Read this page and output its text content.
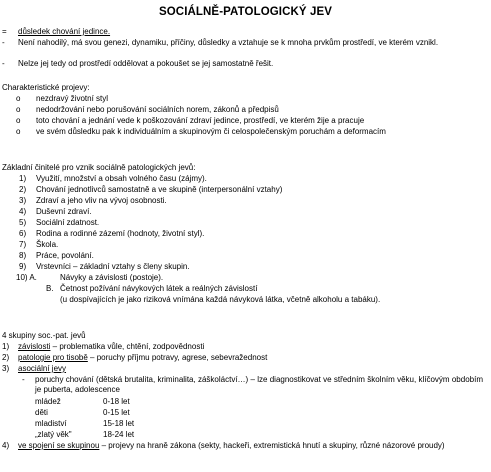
SOCIÁLNĚ-PATOLOGICKÝ JEV
= důsledek chování jedince.
- Není nahodilý, má svou genezi, dynamiku, příčiny, důsledky a vztahuje se k mnoha prvkům prostředí, ve kterém vznikl.
- Nelze jej tedy od prostředí oddělovat a pokoušet se jej samostatně řešit.
Charakteristické projevy:
o nezdravý životní styl
o nedodržování nebo porušování sociálních norem, zákonů a předpisů
o toto chování a jednání vede k poškozování zdraví jedince, prostředí, ve kterém žije a pracuje
o ve svém důsledku pak k individuálním a skupinovým či celospolečenským poruchám a deformacím
Základní činitelé pro vznik sociálně patologických jevů:
1) Využití, množství a obsah volného času (zájmy).
2) Chování jednotlivců samostatně a ve skupině (interpersonální vztahy)
3) Zdraví a jeho vliv na vývoj osobnosti.
4) Duševní zdraví.
5) Sociální zdatnost.
6) Rodina a rodinné zázemí (hodnoty, životní styl).
7) Škola.
8) Práce, povolání.
9) Vrstevníci – základní vztahy s členy skupin.
10) A.	Návyky a závislosti (postoje).
B. Četnost požívání návykových látek a reálných závislostí
(u dospívajících je jako riziková vnímána každá návyková látka, včetně alkoholu a tabáku).
4 skupiny soc.-pat. jevů
1) závislosti – problematika vůle, chtění, zodpovědnosti
2) patologie pro tisobě – poruchy příjmu potravy, agrese, sebevražednost
3) asociální jevy
- poruchy chování (dětská brutalita, kriminalita, záškoláctví…) – lze diagnostikovat ve středním školním věku, klíčovým obdobím je puberta, adolescence
mládež	0-18 let
děti	0-15 let
mladiství	15-18 let
„zlatý věk"	18-24 let
4) ve spojení se skupinou – projevy na hraně zákona (sekty, hackeři, extremistická hnutí a skupiny, různé názorové proudy)
